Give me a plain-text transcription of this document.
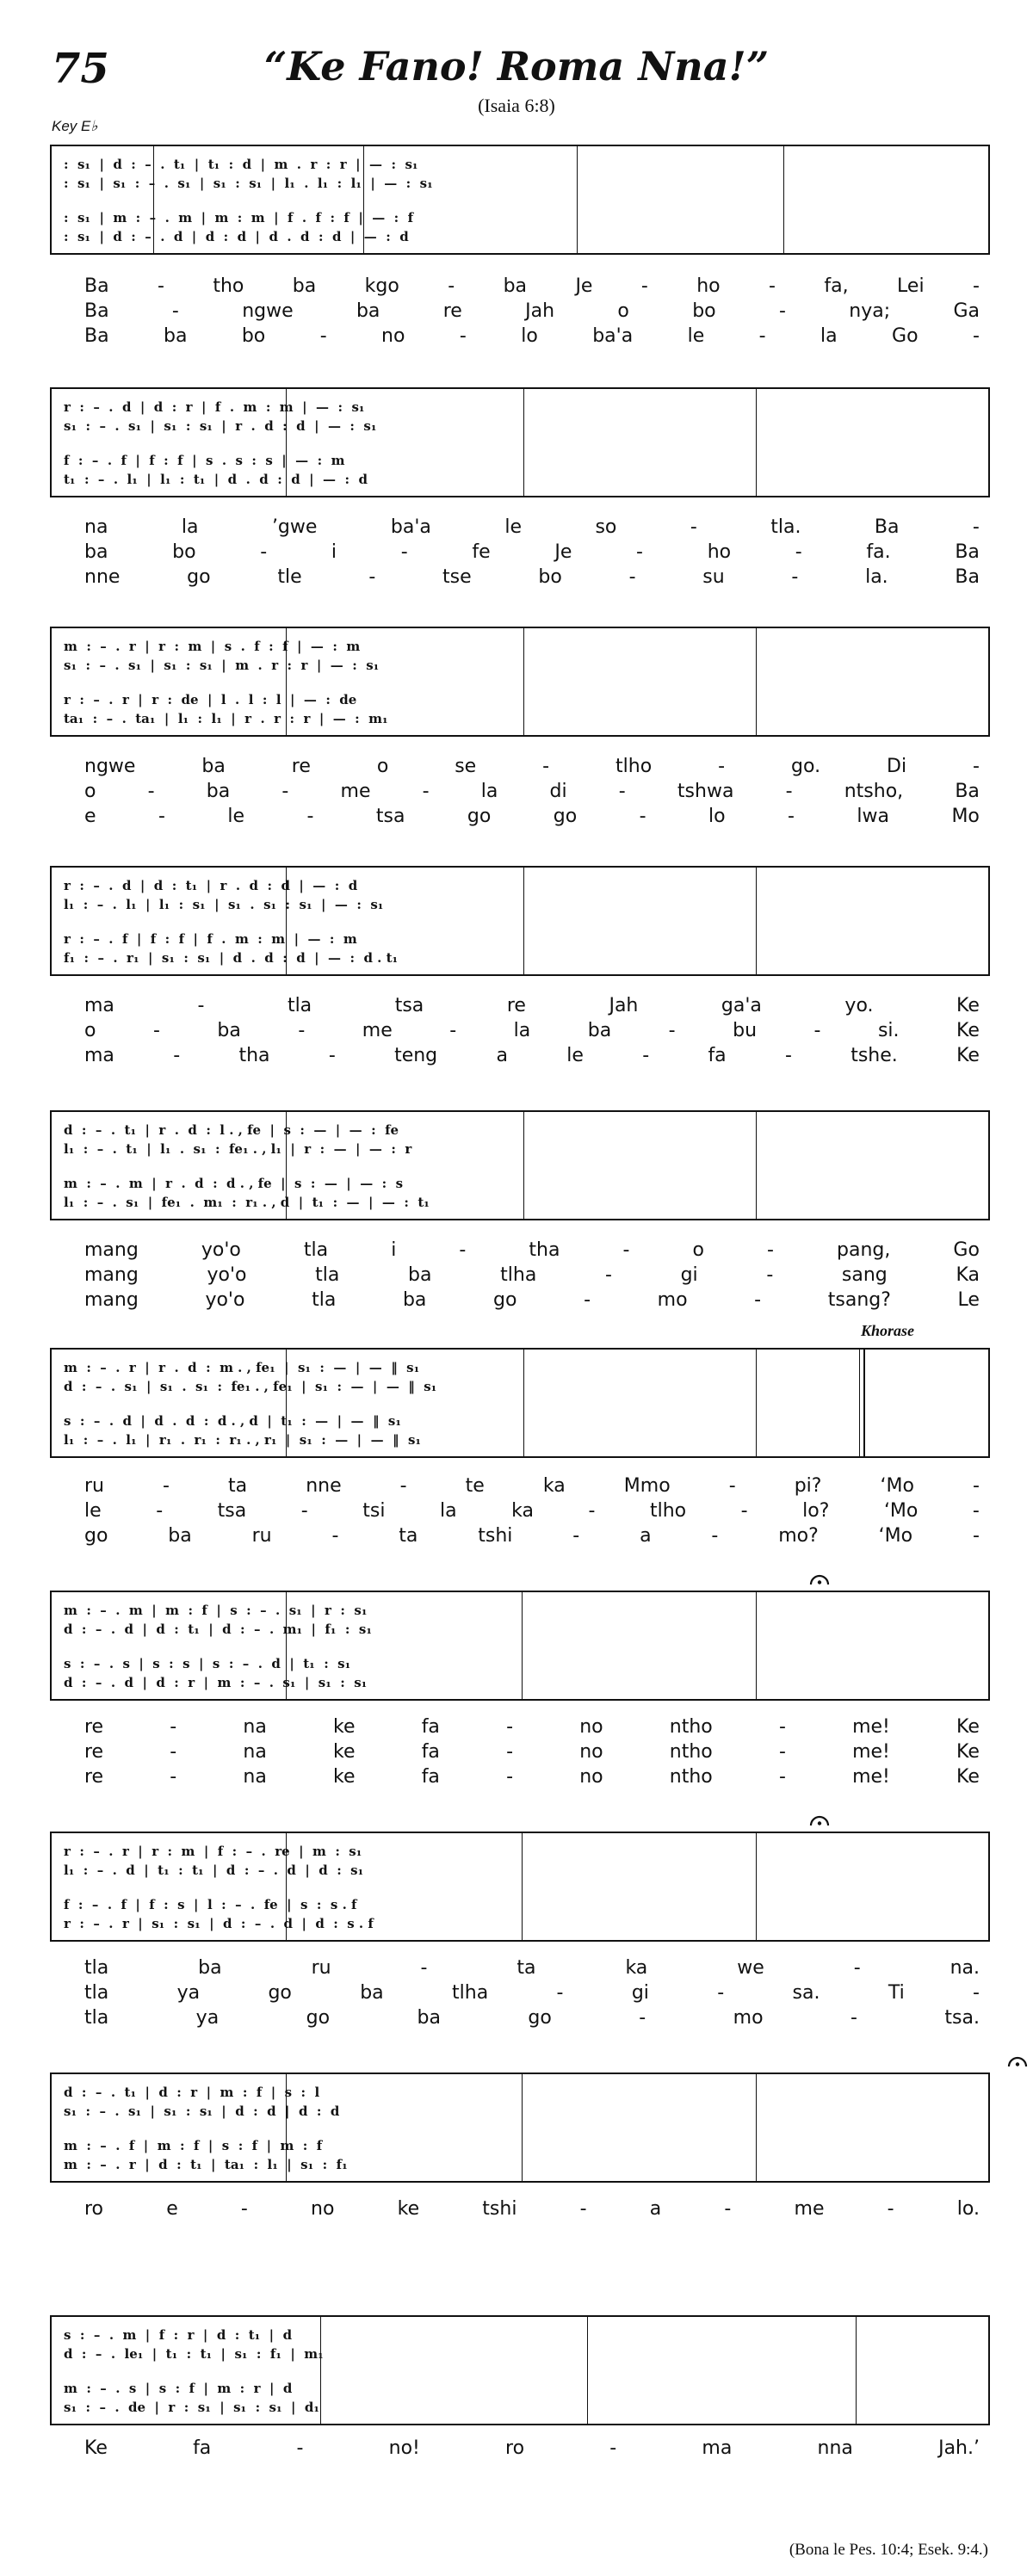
75	“Ke Fano! Roma Nna!”
(Isaia 6:8)
Key E♭
Khorase
:  s₁  |  d  :  –  .  t₁  |  t₁  :  d  |  m  .  r  :  r  |  —  :  s₁
:  s₁  |  s₁  :  –  .  s₁  |  s₁  :  s₁  |  l₁  .  l₁  :  l₁  |  —  :  s₁
:  s₁  |  m  :  –  .  m  |  m  :  m  |  f  .  f  :  f  |  —  :  f
:  s₁  |  d  :  –  .  d  |  d  :  d  |  d  .  d  :  d  |  —  :  d
Ba	-	tho	ba	kgo	-	ba	Je	-	ho	-	fa,	Lei	-
Ba	-	ngwe	ba	re	Jah	o	bo	-	nya;	Ga
Ba	ba	bo	-	no	-	lo	ba'a	le	-	la	Go	-
r  :  –  .  d  |  d  :  r  |  f  .  m  :  m  |  —  :  s₁
s₁  :  –  .  s₁  |  s₁  :  s₁  |  r  .  d  :  d  |  —  :  s₁
f  :  –  .  f  |  f  :  f  |  s  .  s  :  s  |  —  :  m
t₁  :  –  .  l₁  |  l₁  :  t₁  |  d  .  d  :  d  |  —  :  d
na	la	’gwe	ba'a	le	so	-	tla.	Ba	-
ba	bo	-	i	-	fe	Je	-	ho	-	fa.	Ba
nne	go	tle	-	tse	bo	-	su	-	la.	Ba
m  :  –  .  r  |  r  :  m  |  s  .  f  :  f  |  —  :  m
s₁  :  –  .  s₁  |  s₁  :  s₁  |  m  .  r  :  r  |  —  :  s₁
r  :  –  .  r  |  r  :  de  |  l  .  l  :  l  |  —  :  de
ta₁  :  –  .  ta₁  |  l₁  :  l₁  |  r  .  r  :  r  |  —  :  m₁
ngwe	ba	re	o	se	-	tlho	-	go.	Di	-
o	-	ba	-	me	-	la	di	-	tshwa	-	ntsho,	Ba
e	-	le	-	tsa	go	go	-	lo	-	lwa	Mo
r  :  –  .  d  |  d  :  t₁  |  r  .  d  :  d  |  —  :  d
l₁  :  –  .  l₁  |  l₁  :  s₁  |  s₁  .  s₁  :  s₁  |  —  :  s₁
r  :  –  .  f  |  f  :  f  |  f  .  m  :  m  |  —  :  m
f₁  :  –  .  r₁  |  s₁  :  s₁  |  d  .  d  :  d  |  —  :  d . t₁
ma	-	tla	tsa	re	Jah	ga'a	yo.	Ke
o	-	ba	-	me	-	la	ba	-	bu	-	si.	Ke
ma	-	tha	-	teng	a	le	-	fa	-	tshe.	Ke
d  :  –  .  t₁  |  r  .  d  :  l . , fe  |  s  :  —  |  —  :  fe
l₁  :  –  .  t₁  |  l₁  .  s₁  :  fe₁ . , l₁  |  r  :  —  |  —  :  r
m  :  –  .  m  |  r  .  d  :  d . , fe  |  s  :  —  |  —  :  s
l₁  :  –  .  s₁  |  fe₁  .  m₁  :  r₁ . , d  |  t₁  :  —  |  —  :  t₁
mang	yo'o	tla	i	-	tha	-	o	-	pang,	Go
mang	yo'o	tla	ba	tlha	-	gi	-	sang	Ka
mang	yo'o	tla	ba	go	-	mo	-	tsang?	Le
m  :  –  .  r  |  r  .  d  :  m . , fe₁  |  s₁  :  —  |  —  ‖  s₁
d  :  –  .  s₁  |  s₁  .  s₁  :  fe₁ . , fe₁  |  s₁  :  —  |  —  ‖  s₁
s  :  –  .  d  |  d  .  d  :  d . , d  |  t₁  :  —  |  —  ‖  s₁
l₁  :  –  .  l₁  |  r₁  .  r₁  :  r₁ . , r₁  |  s₁  :  —  |  —  ‖  s₁
ru	-	ta	nne	-	te	ka	Mmo	-	pi?	‘Mo	-
le	-	tsa	-	tsi	la	ka	-	tlho	-	lo?	‘Mo	-
go	ba	ru	-	ta	tshi	-	a	-	mo?	‘Mo	-
m  :  –  .  m  |  m  :  f  |  s  :  –  .  s₁  |  r  :  s₁
d  :  –  .  d  |  d  :  t₁  |  d  :  –  .  m₁  |  f₁  :  s₁
s  :  –  .  s  |  s  :  s  |  s  :  –  .  d  |  t₁  :  s₁
d  :  –  .  d  |  d  :  r  |  m  :  –  .  s₁  |  s₁  :  s₁
re	-	na	ke	fa	-	no	ntho	-	me!	Ke
re	-	na	ke	fa	-	no	ntho	-	me!	Ke
re	-	na	ke	fa	-	no	ntho	-	me!	Ke
r  :  –  .  r  |  r  :  m  |  f  :  –  .  re  |  m  :  s₁
l₁  :  –  .  d  |  t₁  :  t₁  |  d  :  –  .  d  |  d  :  s₁
f  :  –  .  f  |  f  :  s  |  l  :  –  .  fe  |  s  :  s . f
r  :  –  .  r  |  s₁  :  s₁  |  d  :  –  .  d  |  d  :  s . f
tla	ba	ru	-	ta	ka	we	-	na.
tla	ya	go	ba	tlha	-	gi	-	sa.	Ti	-
tla	ya	go	ba	go	-	mo	-	tsa.
d  :  –  .  t₁  |  d  :  r  |  m  :  f  |  s  :  l
s₁  :  –  .  s₁  |  s₁  :  s₁  |  d  :  d  |  d  :  d
m  :  –  .  f  |  m  :  f  |  s  :  f  |  m  :  f
m  :  –  .  r  |  d  :  t₁  |  ta₁  :  l₁  |  s₁  :  f₁
ro	e	-	no	ke	tshi	-	a	-	me	-	lo.
s  :  –  .  m  |  f  :  r  |  d  :  t₁  |  d
d  :  –  .  le₁  |  t₁  :  t₁  |  s₁  :  f₁  |  m₁
m  :  –  .  s  |  s  :  f  |  m  :  r  |  d
s₁  :  –  .  de  |  r  :  s₁  |  s₁  :  s₁  |  d₁
Ke	fa	-	no!	ro	-	ma	nna	Jah.’
(Bona le Pes. 10:4; Esek. 9:4.)
